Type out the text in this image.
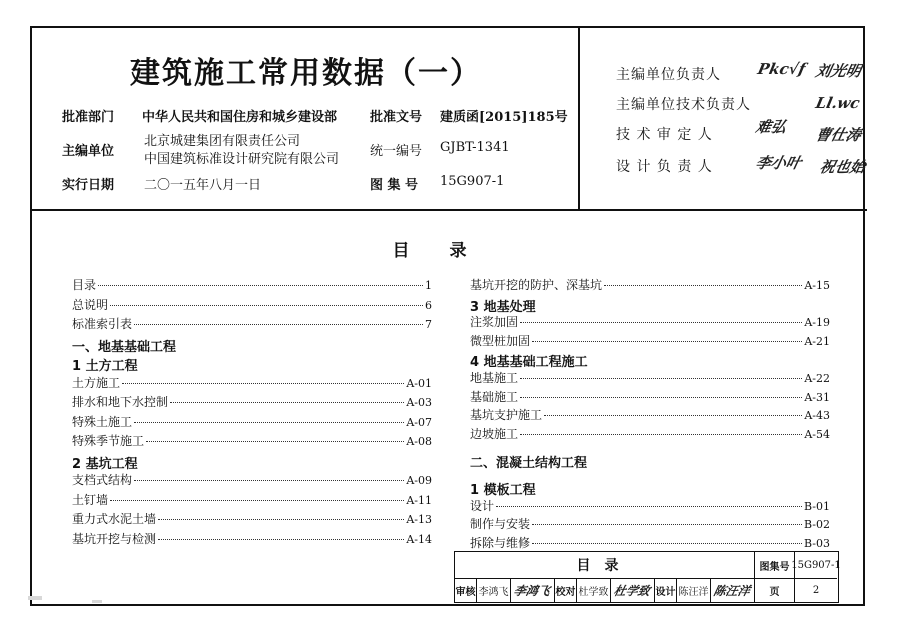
建筑施工常用数据（一）
批准部门 中华人民共和国住房和城乡建设部	批准文号 建质函[2015]185号
主编单位
北京城建集团有限责任公司
中国建筑标准设计研究院有限公司
统一编号 GJBT-1341
实行日期 二〇一五年八月一日	图 集 号 15G907-1
主编单位负责人 Pkc√f 刘光明
主编单位技术负责人	Ll.wc
技 术 审 定 人	难弘 曹仕涛
设 计 负 责 人	李小叶 祝也始
目录
目录	1
总说明	6
标准索引表	7
一、地基基础工程
1 土方工程
土方施工	A-01
排水和地下水控制	A-03
特殊土施工	A-07
特殊季节施工	A-08
2 基坑工程
支档式结构	A-09
土钉墙	A-11
重力式水泥土墙	A-13
基坑开挖与检测	A-14
基坑开挖的防护、深基坑	A-15
3 地基处理
注浆加固	A-19
微型桩加固	A-21
4 地基基础工程施工
地基施工	A-22
基础施工	A-31
基坑支护施工	A-43
边坡施工	A-54
二、混凝土结构工程
1 模板工程
设计	B-01
制作与安装	B-02
拆除与维修	B-03
目录	图集号 15G907-1
审核 李鸿飞 李鸿飞 校对 杜学致 杜学致 设计 陈汪洋 陈汪洋	页	2
